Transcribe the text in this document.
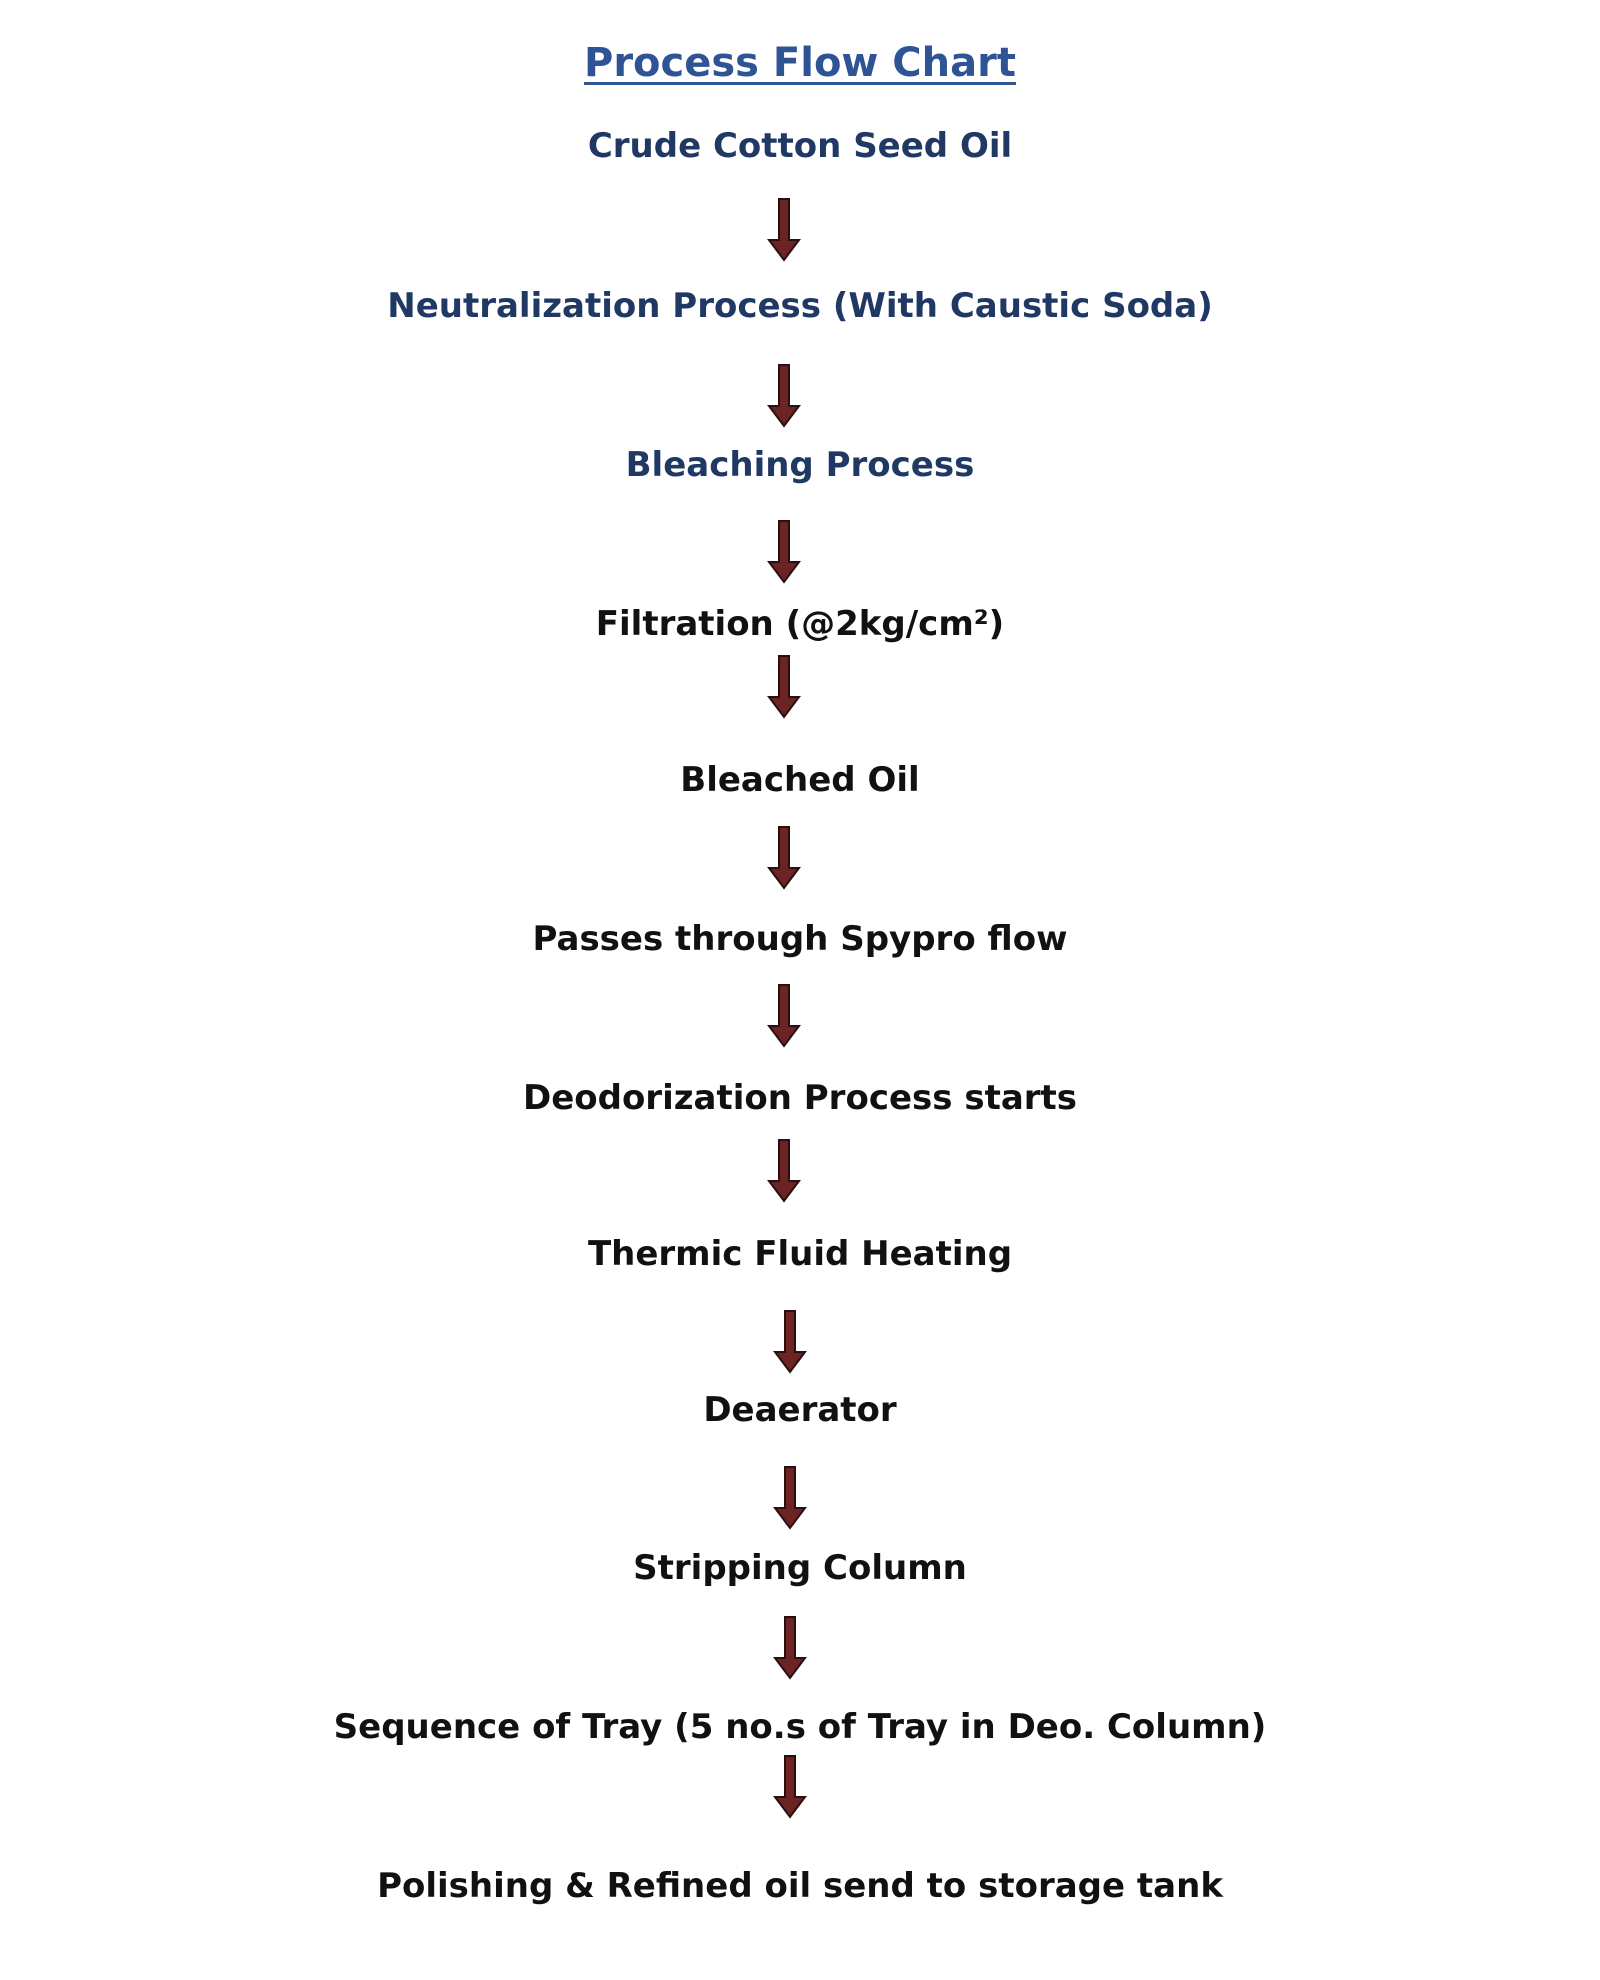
Process Flow Chart
Crude Cotton Seed Oil
Neutralization Process (With Caustic Soda)
Bleaching Process
Filtration (@2kg/cm²)
Bleached Oil
Passes through Spypro flow
Deodorization Process starts
Thermic Fluid Heating
Deaerator
Stripping Column
Sequence of Tray (5 no.s of Tray in Deo. Column)
Polishing & Refined oil send to storage tank
